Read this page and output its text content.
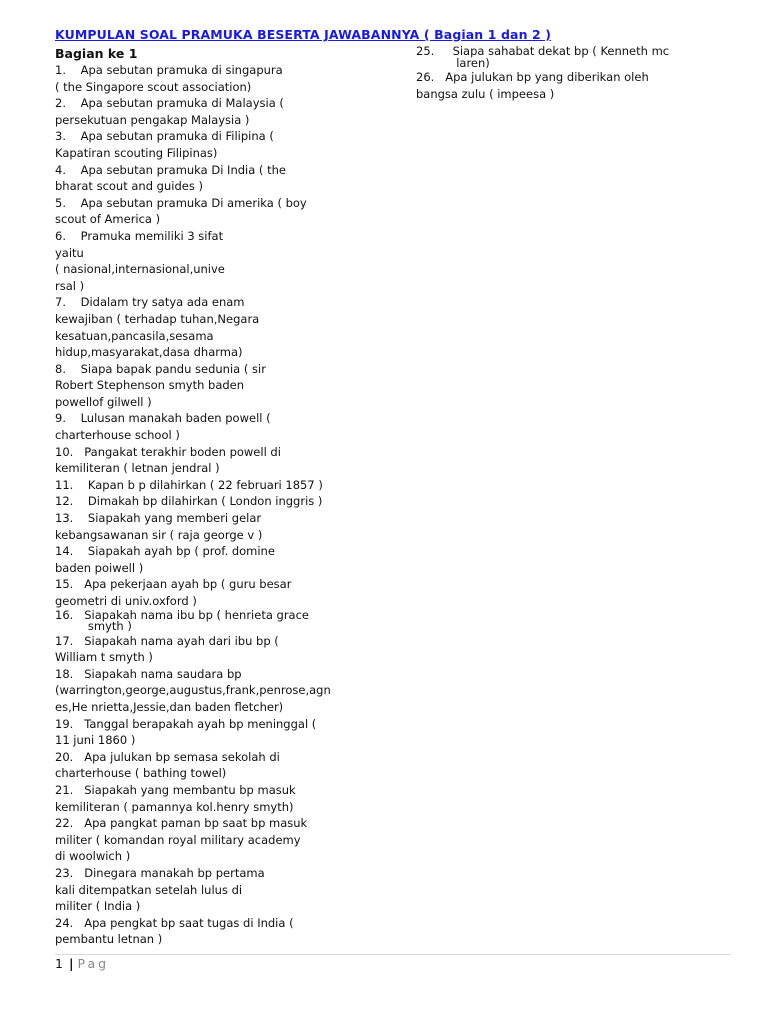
KUMPULAN SOAL PRAMUKA BESERTA JAWABANNYA ( Bagian 1 dan 2 )
Bagian ke 1
1.    Apa sebutan pramuka di singapura
( the Singapore scout association)
2.    Apa sebutan pramuka di Malaysia (
persekutuan pengakap Malaysia )
3.    Apa sebutan pramuka di Filipina (
Kapatiran scouting Filipinas)
4.    Apa sebutan pramuka Di India ( the
bharat scout and guides )
5.    Apa sebutan pramuka Di amerika ( boy
scout of America )
6.    Pramuka memiliki 3 sifat
yaitu
( nasional,internasional,unive
rsal )
7.    Didalam try satya ada enam
kewajiban ( terhadap tuhan,Negara
kesatuan,pancasila,sesama
hidup,masyarakat,dasa dharma)
8.    Siapa bapak pandu sedunia ( sir
Robert Stephenson smyth baden
powellof gilwell )
9.    Lulusan manakah baden powell (
charterhouse school )
10.   Pangakat terakhir boden powell di
kemiliteran ( letnan jendral )
11.    Kapan b p dilahirkan ( 22 februari 1857 )
12.    Dimakah bp dilahirkan ( London inggris )
13.    Siapakah yang memberi gelar
kebangsawanan sir ( raja george v )
14.    Siapakah ayah bp ( prof. domine
baden poiwell )
15.   Apa pekerjaan ayah bp ( guru besar
geometri di univ.oxford )
16.   Siapakah nama ibu bp ( henrieta grace
smyth )
17.   Siapakah nama ayah dari ibu bp (
William t smyth )
18.   Siapakah nama saudara bp
(warrington,george,augustus,frank,penrose,agn
es,He nrietta,Jessie,dan baden fletcher)
19.   Tanggal berapakah ayah bp meninggal (
11 juni 1860 )
20.   Apa julukan bp semasa sekolah di
charterhouse ( bathing towel)
21.   Siapakah yang membantu bp masuk
kemiliteran ( pamannya kol.henry smyth)
22.   Apa pangkat paman bp saat bp masuk
militer ( komandan royal military academy
di woolwich )
23.   Dinegara manakah bp pertama
kali ditempatkan setelah lulus di
militer ( India )
24.   Apa pengkat bp saat tugas di India (
pembantu letnan )
25.     Siapa sahabat dekat bp ( Kenneth mc
laren)
26.   Apa julukan bp yang diberikan oleh
bangsa zulu ( impeesa )
1 | Pag
